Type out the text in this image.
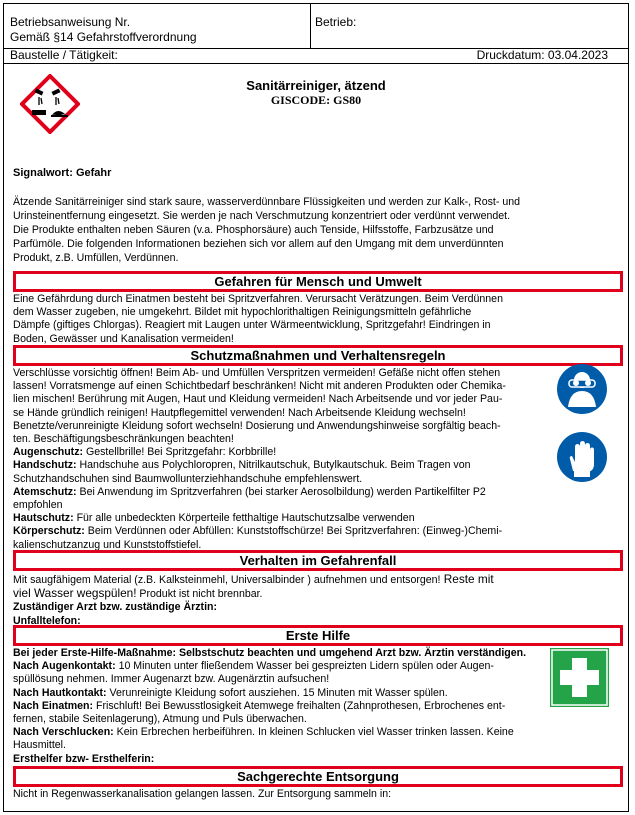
Betriebsanweisung Nr.
Gemäß §14 Gefahrstoffverordnung
Betrieb:
Baustelle / Tätigkeit:	Druckdatum: 03.04.2023
Sanitärreiniger, ätzend
GISCODE: GS80
Signalwort: Gefahr
Ätzende Sanitärreiniger sind stark saure, wasserverdünnbare Flüssigkeiten und werden zur Kalk-, Rost- und
Urinsteinentfernung eingesetzt. Sie werden je nach Verschmutzung konzentriert oder verdünnt verwendet.
Die Produkte enthalten neben Säuren (v.a. Phosphorsäure) auch Tenside, Hilfsstoffe, Farbzusätze und
Parfümöle. Die folgenden Informationen beziehen sich vor allem auf den Umgang mit dem unverdünnten
Produkt, z.B. Umfüllen, Verdünnen.
Gefahren für Mensch und Umwelt
Eine Gefährdung durch Einatmen besteht bei Spritzverfahren. Verursacht Verätzungen. Beim Verdünnen
dem Wasser zugeben, nie umgekehrt. Bildet mit hypochlorithaltigen Reinigungsmitteln gefährliche
Dämpfe (giftiges Chlorgas). Reagiert mit Laugen unter Wärmeentwicklung, Spritzgefahr! Eindringen in
Boden, Gewässer und Kanalisation vermeiden!
Schutzmaßnahmen und Verhaltensregeln
Verschlüsse vorsichtig öffnen! Beim Ab- und Umfüllen Verspritzen vermeiden! Gefäße nicht offen stehen
lassen! Vorratsmenge auf einen Schichtbedarf beschränken! Nicht mit anderen Produkten oder Chemika-
lien mischen! Berührung mit Augen, Haut und Kleidung vermeiden! Nach Arbeitsende und vor jeder Pau-
se Hände gründlich reinigen! Hautpflegemittel verwenden! Nach Arbeitsende Kleidung wechseln!
Benetzte/verunreinigte Kleidung sofort wechseln! Dosierung und Anwendungshinweise sorgfältig beach-
ten. Beschäftigungsbeschränkungen beachten!
Augenschutz: Gestellbrille! Bei Spritzgefahr: Korbbrille!
Handschutz: Handschuhe aus Polychloropren, Nitrilkautschuk, Butylkautschuk. Beim Tragen von
Schutzhandschuhen sind Baumwollunterziehhandschuhe empfehlenswert.
Atemschutz: Bei Anwendung im Spritzverfahren (bei starker Aerosolbildung) werden Partikelfilter P2
empfohlen
Hautschutz: Für alle unbedeckten Körperteile fetthaltige Hautschutzsalbe verwenden
Körperschutz: Beim Verdünnen oder Abfüllen: Kunststoffschürze! Bei Spritzverfahren: (Einweg-)Chemi-
kalienschutzanzug und Kunststoffstiefel.
Verhalten im Gefahrenfall
Mit saugfähigem Material (z.B. Kalksteinmehl, Universalbinder ) aufnehmen und entsorgen! Reste mit
viel Wasser wegspülen! Produkt ist nicht brennbar.
Zuständiger Arzt bzw. zuständige Ärztin:
Unfalltelefon:
Erste Hilfe
Bei jeder Erste-Hilfe-Maßnahme: Selbstschutz beachten und umgehend Arzt bzw. Ärztin verständigen.
Nach Augenkontakt: 10 Minuten unter fließendem Wasser bei gespreizten Lidern spülen oder Augen-
spüllösung nehmen. Immer Augenarzt bzw. Augenärztin aufsuchen!
Nach Hautkontakt: Verunreinigte Kleidung sofort ausziehen. 15 Minuten mit Wasser spülen.
Nach Einatmen: Frischluft! Bei Bewusstlosigkeit Atemwege freihalten (Zahnprothesen, Erbrochenes ent-
fernen, stabile Seitenlagerung), Atmung und Puls überwachen.
Nach Verschlucken: Kein Erbrechen herbeiführen. In kleinen Schlucken viel Wasser trinken lassen. Keine
Hausmittel.
Ersthelfer bzw- Ersthelferin:
Sachgerechte Entsorgung
Nicht in Regenwasserkanalisation gelangen lassen. Zur Entsorgung sammeln in:
